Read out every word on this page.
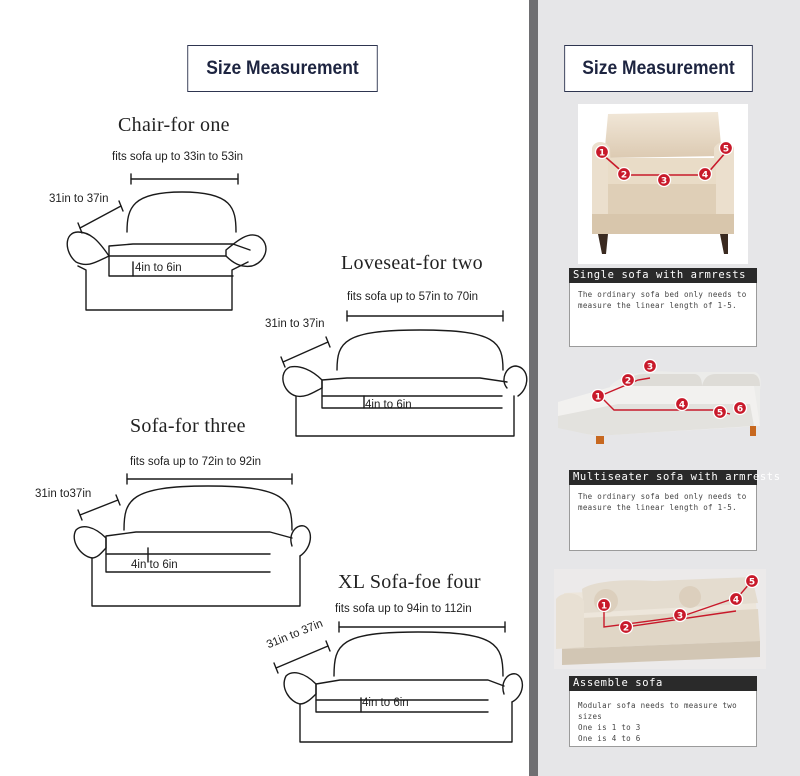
Size Measurement
Chair-for one
fits sofa up to 33in to 53in
31in to 37in
4in to 6in	Loveseat-for two
fits sofa up to 57in to 70in
31in to 37in
4in to 6in
Sofa-for three
fits sofa up to 72in to 92in
31in to37in
4in to 6in
XL Sofa-foe four
fits sofa up to 94in to 112in
31in to 37in
4in to 6in
Size Measurement
1
2
3
4
5
Single sofa with armrests
The ordinary sofa bed only needs to
measure the linear length of 1-5.
1
2
3
4
5 6
Multiseater sofa with armrests
The ordinary sofa bed only needs to
measure the linear length of 1-5.
1
2
3
4
5
Assemble sofa
Modular sofa needs to measure two sizes
One is 1 to 3
One is 4 to 6
